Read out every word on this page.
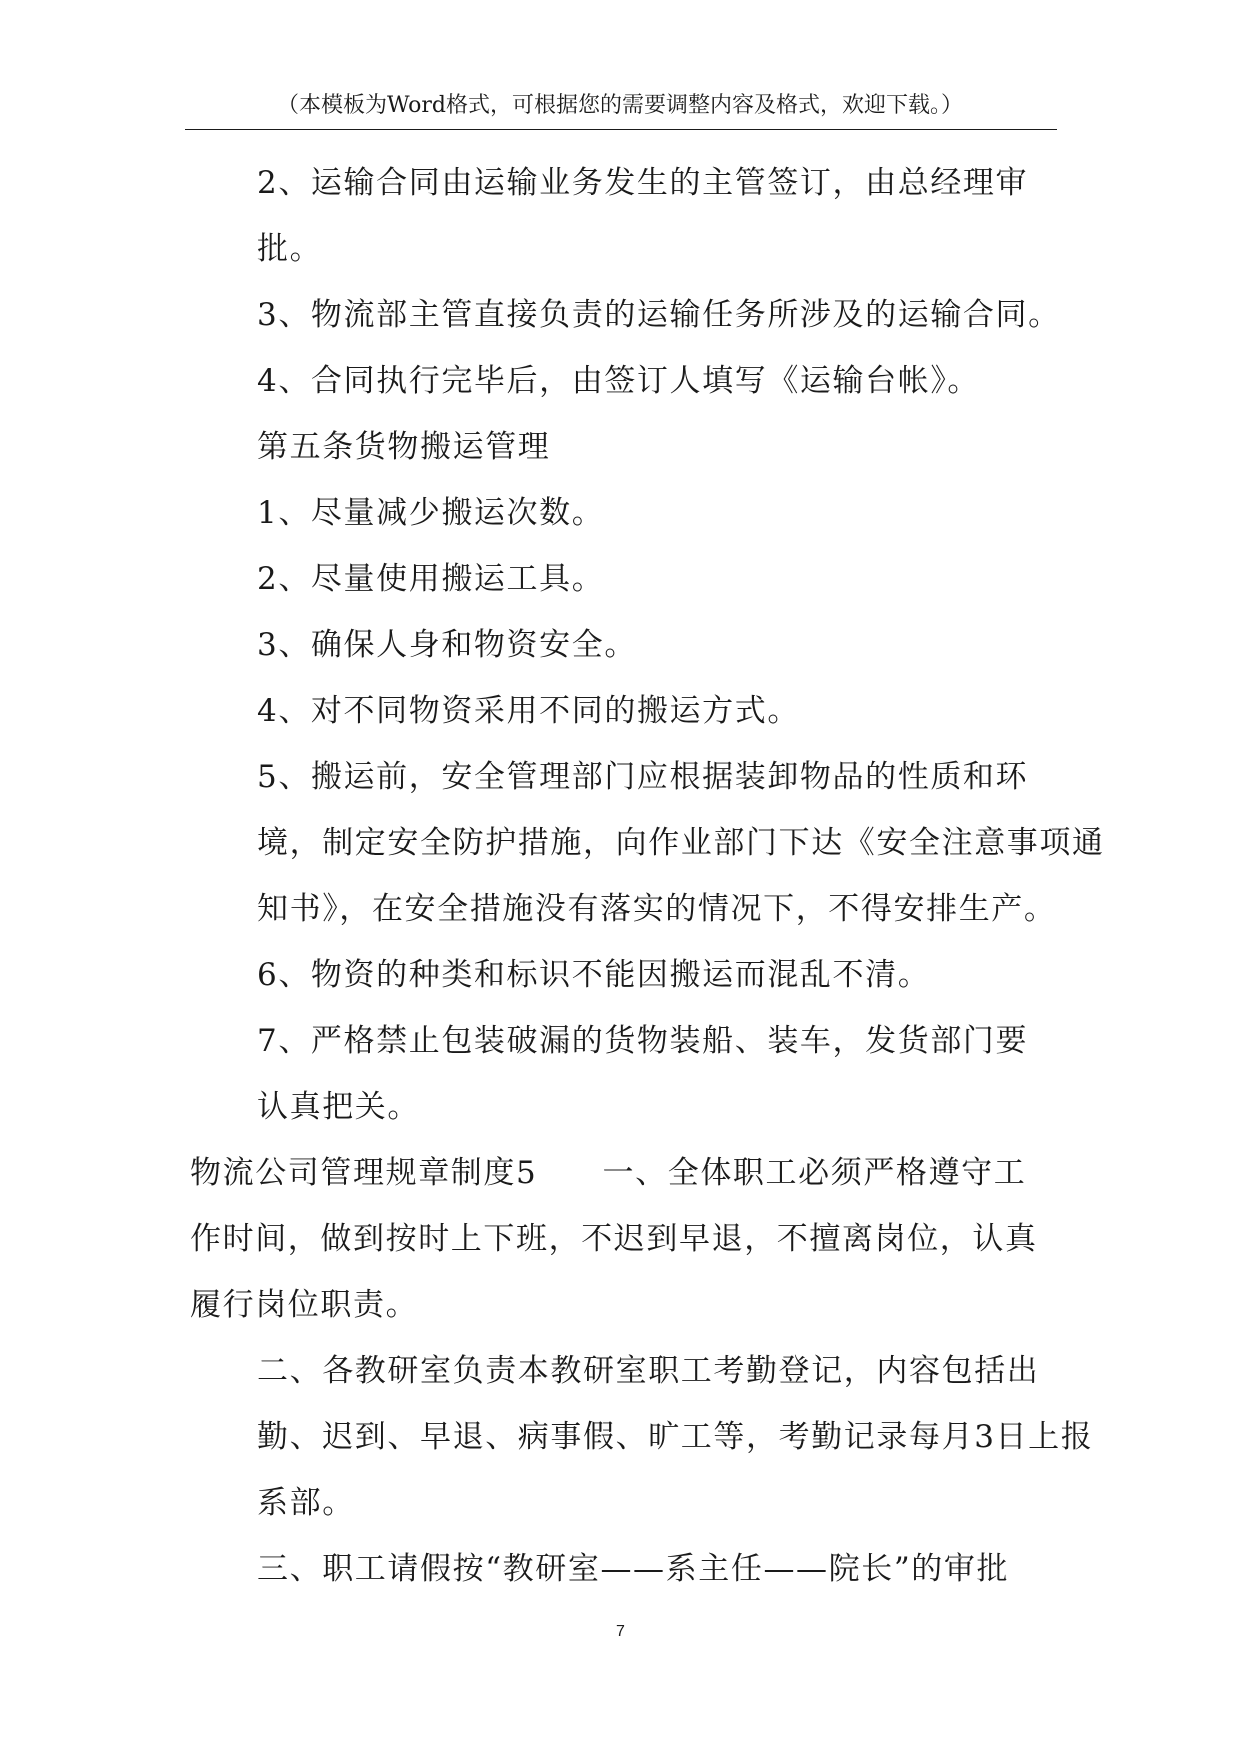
（本模板为Word格式，可根据您的需要调整内容及格式，欢迎下载。）

2、运输合同由运输业务发生的主管签订，由总经理审
批。

3、物流部主管直接负责的运输任务所涉及的运输合同。

4、合同执行完毕后，由签订人填写《运输台帐》。

第五条货物搬运管理

1、尽量减少搬运次数。

2、尽量使用搬运工具。

3、确保人身和物资安全。

4、对不同物资采用不同的搬运方式。

5、搬运前，安全管理部门应根据装卸物品的性质和环
境，制定安全防护措施，向作业部门下达《安全注意事项通
知书》，在安全措施没有落实的情况下，不得安排生产。

6、物资的种类和标识不能因搬运而混乱不清。

7、严格禁止包装破漏的货物装船、装车，发货部门要
认真把关。

物流公司管理规章制度5　　一、全体职工必须严格遵守工
作时间，做到按时上下班，不迟到早退，不擅离岗位，认真
履行岗位职责。

二、各教研室负责本教研室职工考勤登记，内容包括出
勤、迟到、早退、病事假、旷工等，考勤记录每月3日上报
系部。

三、职工请假按“教研室——系主任——院长”的审批

7
